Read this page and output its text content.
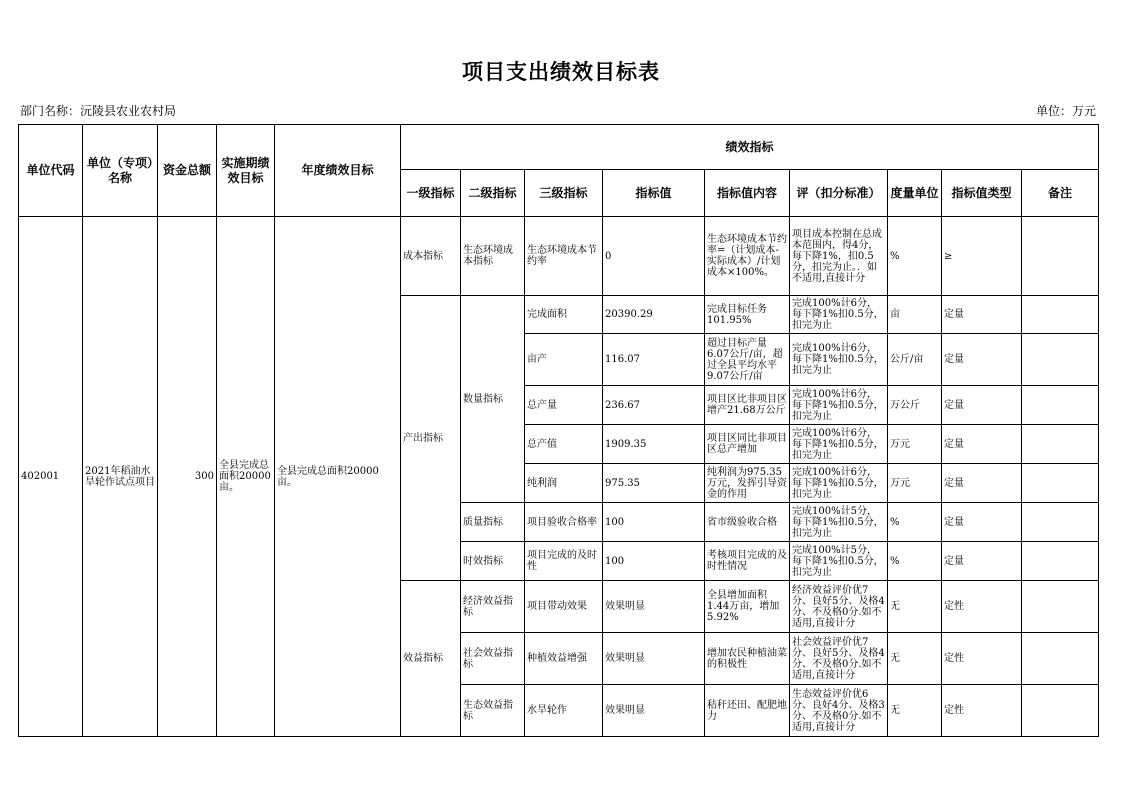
项目支出绩效目标表
部门名称：沅陵县农业农村局	单位：万元
单位代码	单位（专项）名称	资金总额	实施期绩效目标	年度绩效目标	绩效指标								
					一级指标	二级指标	三级指标	指标值	指标值内容	评（扣分标准）	度量单位	指标值类型	备注
402001	2021年稻油水旱轮作试点项目	300	全县完成总面积20000亩。	全县完成总面积20000亩。	成本指标	生态环境成本指标	生态环境成本节约率	0	生态环境成本节约率=（计划成本-实际成本）/计划成本×100%。	项目成本控制在总成本范围内，得4分，每下降1%，扣0.5分，扣完为止。．如不适用,直接计分	%	≥	
					产出指标	数量指标	完成面积	20390.29	完成目标任务101.95%	完成100%计6分，每下降1%扣0.5分，扣完为止	亩	定量	
							亩产	116.07	超过目标产量6.07公斤/亩，超过全县平均水平9.07公斤/亩	完成100%计6分，每下降1%扣0.5分，扣完为止	公斤/亩	定量	
							总产量	236.67	项目区比非项目区增产21.68万公斤	完成100%计6分，每下降1%扣0.5分，扣完为止	万公斤	定量	
							总产值	1909.35	项目区同比非项目区总产增加	完成100%计6分，每下降1%扣0.5分，扣完为止	万元	定量	
							纯利润	975.35	纯利润为975.35万元，发挥引导资金的作用	完成100%计6分，每下降1%扣0.5分，扣完为止	万元	定量	
						质量指标	项目验收合格率	100	省市级验收合格	完成100%计5分，每下降1%扣0.5分，扣完为止	%	定量	
						时效指标	项目完成的及时性	100	考核项目完成的及时性情况	完成100%计5分，每下降1%扣0.5分，扣完为止	%	定量	
					效益指标	经济效益指标	项目带动效果	效果明显	全县增加面积1.44万亩，增加5.92%	经济效益评价优7分、良好5分、及格4分、不及格0分.如不适用,直接计分	无	定性	
						社会效益指标	种植效益增强	效果明显	增加农民种植油菜的积极性	社会效益评价优7分、良好5分、及格4分、不及格0分.如不适用,直接计分	无	定性	
						生态效益指标	水旱轮作	效果明显	秸秆还田、配肥地力	生态效益评价优6分、良好4分、及格3分、不及格0分.如不适用,直接计分	无	定性	
